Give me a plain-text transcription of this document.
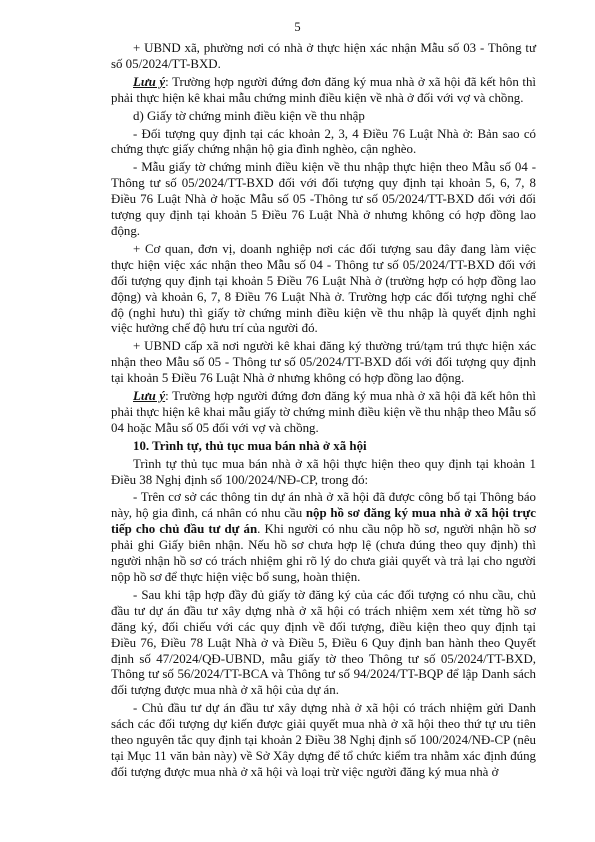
5

+ UBND xã, phường nơi có nhà ở thực hiện xác nhận Mẫu số 03 - Thông tư số 05/2024/TT-BXD.

Lưu ý: Trường hợp người đứng đơn đăng ký mua nhà ở xã hội đã kết hôn thì phải thực hiện kê khai mẫu chứng minh điều kiện về nhà ở đối với vợ và chồng.

d) Giấy tờ chứng minh điều kiện về thu nhập

- Đối tượng quy định tại các khoản 2, 3, 4 Điều 76 Luật Nhà ở: Bản sao có chứng thực giấy chứng nhận hộ gia đình nghèo, cận nghèo.

- Mẫu giấy tờ chứng minh điều kiện về thu nhập thực hiện theo Mẫu số 04 - Thông tư số 05/2024/TT-BXD đối với đối tượng quy định tại khoản 5, 6, 7, 8 Điều 76 Luật Nhà ở hoặc Mẫu số 05 -Thông tư số 05/2024/TT-BXD đối với đối tượng quy định tại khoản 5 Điều 76 Luật Nhà ở nhưng không có hợp đồng lao động.

+ Cơ quan, đơn vị, doanh nghiệp nơi các đối tượng sau đây đang làm việc thực hiện việc xác nhận theo Mẫu số 04 - Thông tư số 05/2024/TT-BXD đối với đối tượng quy định tại khoản 5 Điều 76 Luật Nhà ở (trường hợp có hợp đồng lao động) và khoản 6, 7, 8 Điều 76 Luật Nhà ở. Trường hợp các đối tượng nghỉ chế độ (nghỉ hưu) thì giấy tờ chứng minh điều kiện về thu nhập là quyết định nghỉ việc hưởng chế độ hưu trí của người đó.

+ UBND cấp xã nơi người kê khai đăng ký thường trú/tạm trú thực hiện xác nhận theo Mẫu số 05 - Thông tư số 05/2024/TT-BXD đối với đối tượng quy định tại khoản 5 Điều 76 Luật Nhà ở nhưng không có hợp đồng lao động.

Lưu ý: Trường hợp người đứng đơn đăng ký mua nhà ở xã hội đã kết hôn thì phải thực hiện kê khai mẫu giấy tờ chứng minh điều kiện về thu nhập theo Mẫu số 04 hoặc Mẫu số 05 đối với vợ và chồng.

10. Trình tự, thủ tục mua bán nhà ở xã hội

Trình tự thủ tục mua bán nhà ở xã hội thực hiện theo quy định tại khoản 1 Điều 38 Nghị định số 100/2024/NĐ-CP, trong đó:

- Trên cơ sở các thông tin dự án nhà ở xã hội đã được công bố tại Thông báo này, hộ gia đình, cá nhân có nhu cầu nộp hồ sơ đăng ký mua nhà ở xã hội trực tiếp cho chủ đầu tư dự án. Khi người có nhu cầu nộp hồ sơ, người nhận hồ sơ phải ghi Giấy biên nhận. Nếu hồ sơ chưa hợp lệ (chưa đúng theo quy định) thì người nhận hồ sơ có trách nhiệm ghi rõ lý do chưa giải quyết và trả lại cho người nộp hồ sơ để thực hiện việc bổ sung, hoàn thiện.

- Sau khi tập hợp đầy đủ giấy tờ đăng ký của các đối tượng có nhu cầu, chủ đầu tư dự án đầu tư xây dựng nhà ở xã hội có trách nhiệm xem xét từng hồ sơ đăng ký, đối chiếu với các quy định về đối tượng, điều kiện theo quy định tại Điều 76, Điều 78 Luật Nhà ở và Điều 5, Điều 6 Quy định ban hành theo Quyết định số 47/2024/QĐ-UBND, mẫu giấy tờ theo Thông tư số 05/2024/TT-BXD, Thông tư số 56/2024/TT-BCA và Thông tư số 94/2024/TT-BQP để lập Danh sách đối tượng được mua nhà ở xã hội của dự án.

- Chủ đầu tư dự án đầu tư xây dựng nhà ở xã hội có trách nhiệm gửi Danh sách các đối tượng dự kiến được giải quyết mua nhà ở xã hội theo thứ tự ưu tiên theo nguyên tắc quy định tại khoản 2 Điều 38 Nghị định số 100/2024/NĐ-CP (nêu tại Mục 11 văn bản này) về Sở Xây dựng để tổ chức kiểm tra nhằm xác định đúng đối tượng được mua nhà ở xã hội và loại trừ việc người đăng ký mua nhà ở
